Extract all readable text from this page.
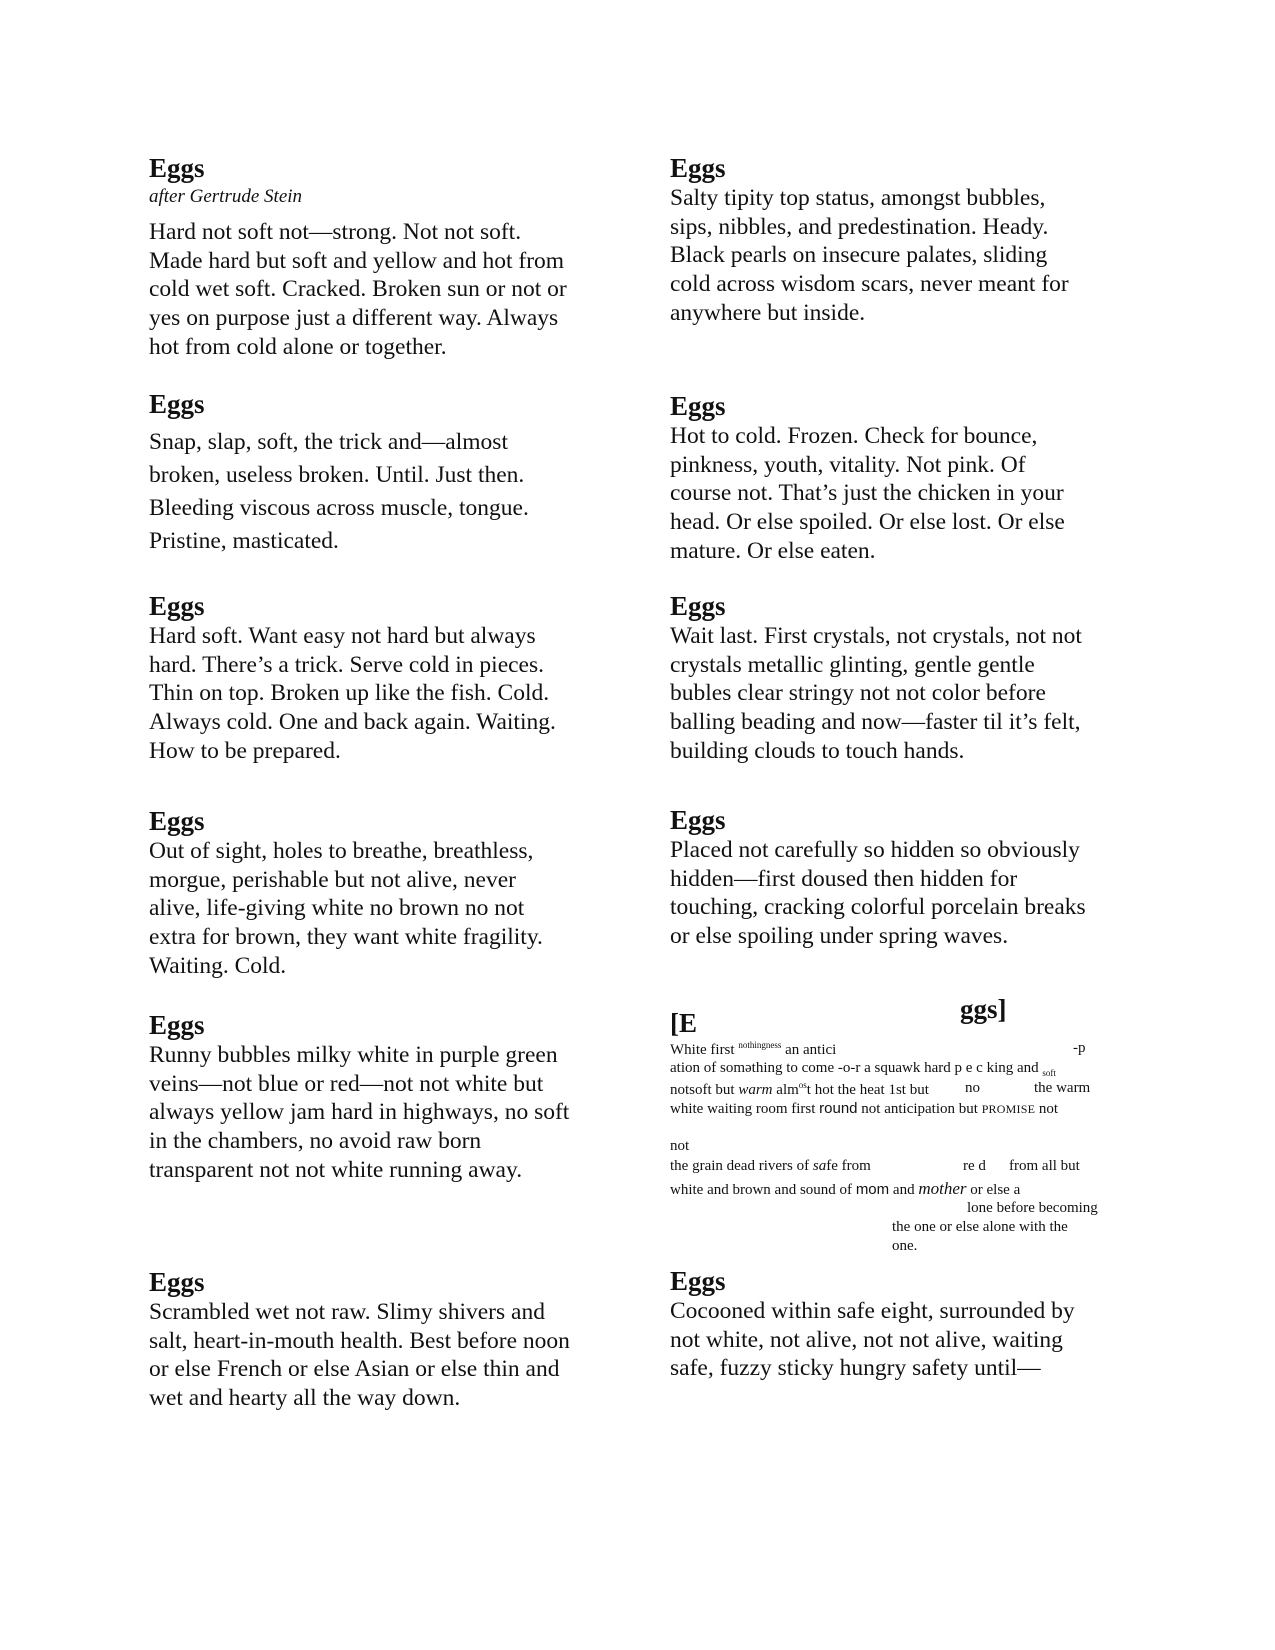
Eggs

after Gertrude Stein

Hard not soft not—strong. Not not soft.
Made hard but soft and yellow and hot from
cold wet soft. Cracked. Broken sun or not or
yes on purpose just a different way. Always
hot from cold alone or together.

Eggs

Snap, slap, soft, the trick and—almost
broken, useless broken. Until. Just then.
Bleeding viscous across muscle, tongue.
Pristine, masticated.

Eggs

Hard soft. Want easy not hard but always
hard. There’s a trick. Serve cold in pieces.
Thin on top. Broken up like the fish. Cold.
Always cold. One and back again. Waiting.
How to be prepared.

Eggs

Out of sight, holes to breathe, breathless,
morgue, perishable but not alive, never
alive, life-giving white no brown no not
extra for brown, they want white fragility.
Waiting. Cold.

Eggs

Runny bubbles milky white in purple green
veins—not blue or red—not not white but
always yellow jam hard in highways, no soft
in the chambers, no avoid raw born
transparent not not white running away.

Eggs

Scrambled wet not raw. Slimy shivers and
salt, heart-in-mouth health. Best before noon
or else French or else Asian or else thin and
wet and hearty all the way down.

Eggs

Salty tipity top status, amongst bubbles,
sips, nibbles, and predestination. Heady.
Black pearls on insecure palates, sliding
cold across wisdom scars, never meant for
anywhere but inside.

Eggs

Hot to cold. Frozen. Check for bounce,
pinkness, youth, vitality. Not pink. Of
course not. That’s just the chicken in your
head. Or else spoiled. Or else lost. Or else
mature. Or else eaten.

Eggs

Wait last. First crystals, not crystals, not not
crystals metallic glinting, gentle gentle
bubles clear stringy not not color before
balling beading and now—faster til it’s felt,
building clouds to touch hands.

Eggs

Placed not carefully so hidden so obviously
hidden—first doused then hidden for
touching, cracking colorful porcelain breaks
or else spoiling under spring waves.

[E	ggs]
White first $^{nothingness}$ an antici	-p
ation of somәthing to come -o-r a squawk hard p e c king and $_{soft}$
notsoft but warm alm$^{os}$t hot the heat 1st but no	the warm
white waiting room first round not anticipation but PROMISE not
not
the grain dead rivers of safe from	re d from all but
white and brown and sound of mom and mother or else a
lone before becoming
the one or else alone with the
one.

Eggs

Cocooned within safe eight, surrounded by
not white, not alive, not not alive, waiting
safe, fuzzy sticky hungry safety until—
